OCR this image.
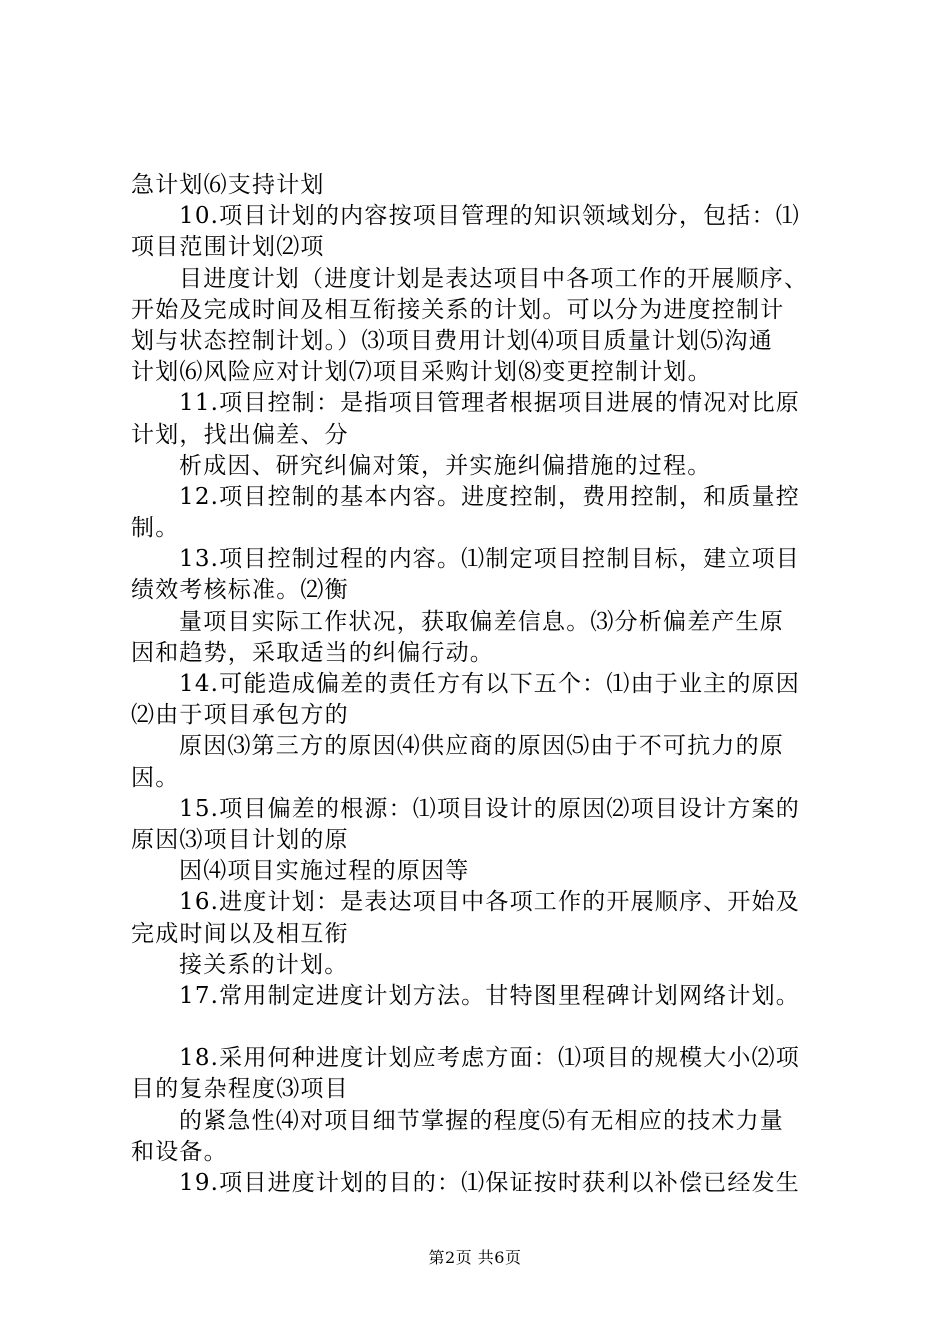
急计划⑹支持计划
10.项目计划的内容按项目管理的知识领域划分，包括：⑴
项目范围计划⑵项
目进度计划（进度计划是表达项目中各项工作的开展顺序、
开始及完成时间及相互衔接关系的计划。可以分为进度控制计
划与状态控制计划。）⑶项目费用计划⑷项目质量计划⑸沟通
计划⑹风险应对计划⑺项目采购计划⑻变更控制计划。
11.项目控制：是指项目管理者根据项目进展的情况对比原
计划，找出偏差、分
析成因、研究纠偏对策，并实施纠偏措施的过程。
12.项目控制的基本内容。进度控制，费用控制，和质量控
制。
13.项目控制过程的内容。⑴制定项目控制目标，建立项目
绩效考核标准。⑵衡
量项目实际工作状况，获取偏差信息。⑶分析偏差产生原
因和趋势，采取适当的纠偏行动。
14.可能造成偏差的责任方有以下五个：⑴由于业主的原因
⑵由于项目承包方的
原因⑶第三方的原因⑷供应商的原因⑸由于不可抗力的原
因。
15.项目偏差的根源：⑴项目设计的原因⑵项目设计方案的
原因⑶项目计划的原
因⑷项目实施过程的原因等
16.进度计划：是表达项目中各项工作的开展顺序、开始及
完成时间以及相互衔
接关系的计划。
17.常用制定进度计划方法。甘特图里程碑计划网络计划。
18.采用何种进度计划应考虑方面：⑴项目的规模大小⑵项
目的复杂程度⑶项目
的紧急性⑷对项目细节掌握的程度⑸有无相应的技术力量
和设备。
19.项目进度计划的目的：⑴保证按时获利以补偿已经发生
第2页 共6页
